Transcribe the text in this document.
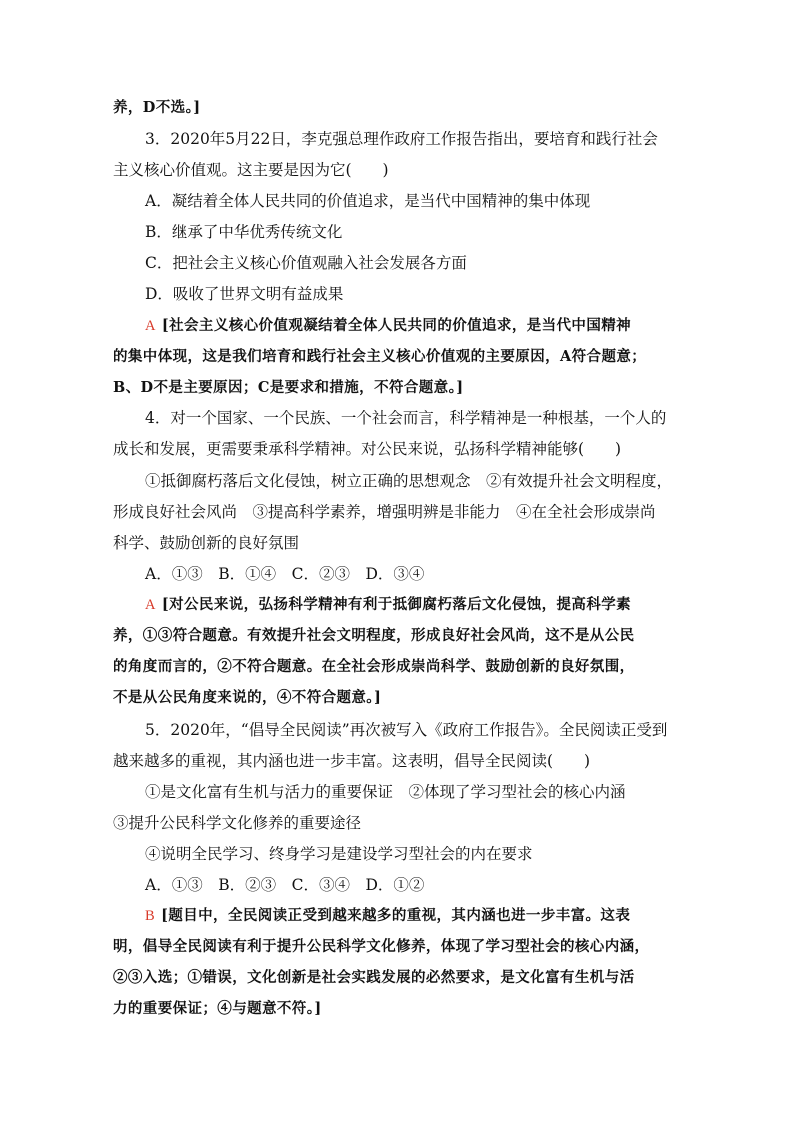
养，D不选。]
3．2020年5月22日，李克强总理作政府工作报告指出，要培育和践行社会
主义核心价值观。这主要是因为它(　　)
A．凝结着全体人民共同的价值追求，是当代中国精神的集中体现
B．继承了中华优秀传统文化
C．把社会主义核心价值观融入社会发展各方面
D．吸收了世界文明有益成果
A [社会主义核心价值观凝结着全体人民共同的价值追求，是当代中国精神
的集中体现，这是我们培育和践行社会主义核心价值观的主要原因，A符合题意；
B、D不是主要原因；C是要求和措施，不符合题意。]
4．对一个国家、一个民族、一个社会而言，科学精神是一种根基，一个人的
成长和发展，更需要秉承科学精神。对公民来说，弘扬科学精神能够(　　)
①抵御腐朽落后文化侵蚀，树立正确的思想观念　②有效提升社会文明程度，
形成良好社会风尚　③提高科学素养，增强明辨是非能力　④在全社会形成崇尚
科学、鼓励创新的良好氛围
A．①③　B．①④　C．②③　D．③④
A [对公民来说，弘扬科学精神有利于抵御腐朽落后文化侵蚀，提高科学素
养，①③符合题意。有效提升社会文明程度，形成良好社会风尚，这不是从公民
的角度而言的，②不符合题意。在全社会形成崇尚科学、鼓励创新的良好氛围，
不是从公民角度来说的，④不符合题意。]
5．2020年，“倡导全民阅读”再次被写入《政府工作报告》。全民阅读正受到
越来越多的重视，其内涵也进一步丰富。这表明，倡导全民阅读(　　)
①是文化富有生机与活力的重要保证　②体现了学习型社会的核心内涵
③提升公民科学文化修养的重要途径
④说明全民学习、终身学习是建设学习型社会的内在要求
A．①③　B．②③　C．③④　D．①②
B [题目中，全民阅读正受到越来越多的重视，其内涵也进一步丰富。这表
明，倡导全民阅读有利于提升公民科学文化修养，体现了学习型社会的核心内涵，
②③入选；①错误，文化创新是社会实践发展的必然要求，是文化富有生机与活
力的重要保证；④与题意不符。]
